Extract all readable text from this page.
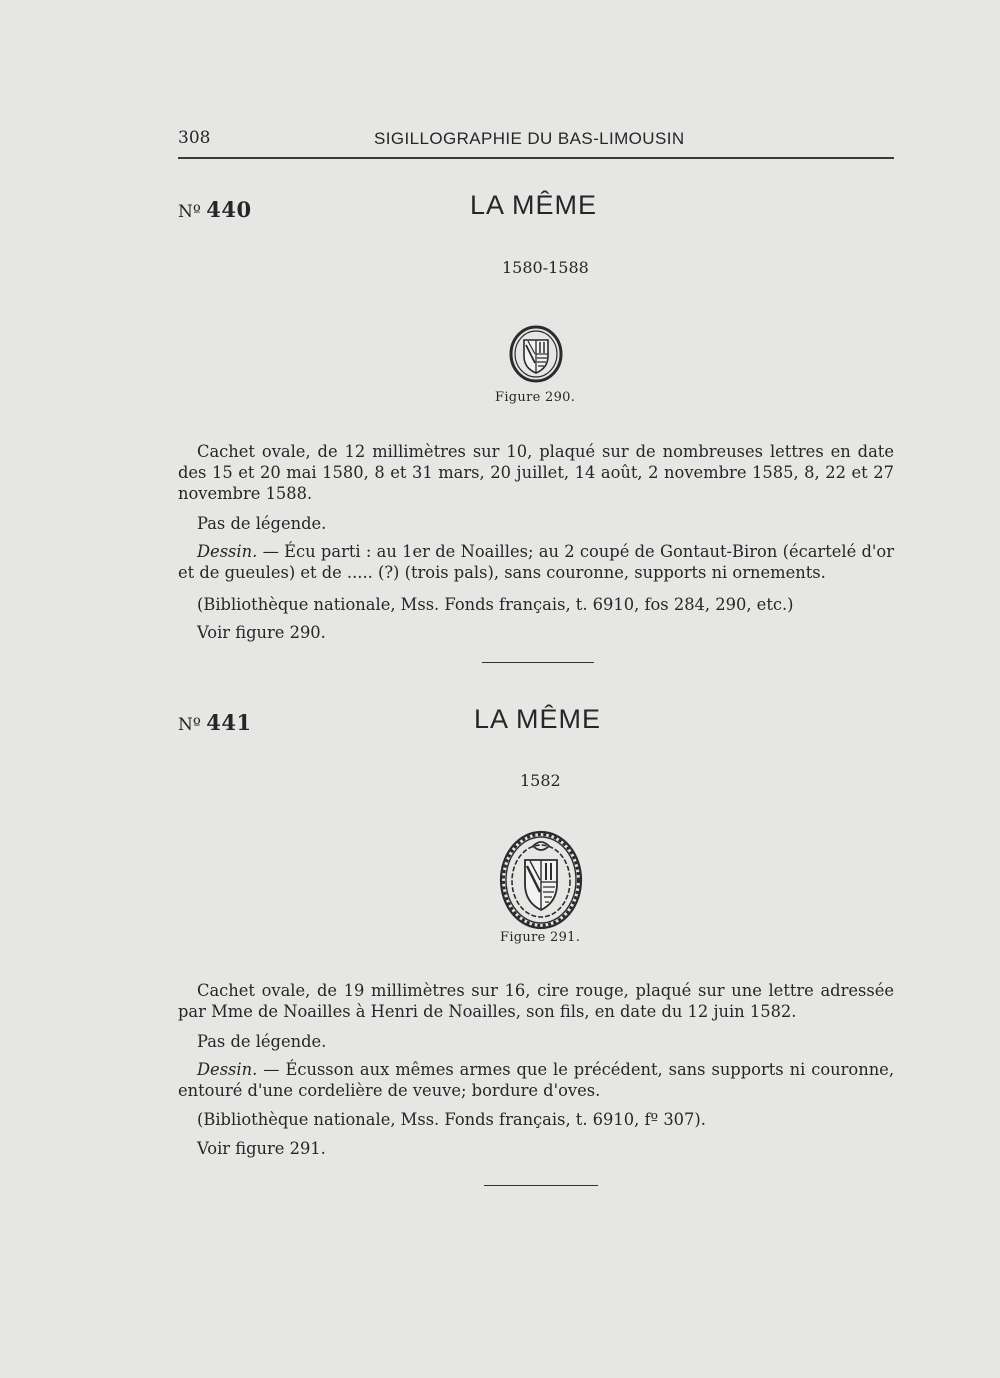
308	SIGILLOGRAPHIE DU BAS-LIMOUSIN
Nº 440	LA MÊME
1580-1588
Figure 290.
Cachet ovale, de 12 millimètres sur 10, plaqué sur de nombreuses lettres en date des 15 et 20 mai 1580, 8 et 31 mars, 20 juillet, 14 août, 2 novembre 1585, 8, 22 et 27 novembre 1588.
Pas de légende.
Dessin. — Écu parti : au 1er de Noailles; au 2 coupé de Gontaut-Biron (écartelé d'or et de gueules) et de ..... (?) (trois pals), sans couronne, supports ni ornements.
(Bibliothèque nationale, Mss. Fonds français, t. 6910, fos 284, 290, etc.)
Voir figure 290.
Nº 441	LA MÊME
1582
Figure 291.
Cachet ovale, de 19 millimètres sur 16, cire rouge, plaqué sur une lettre adressée par Mme de Noailles à Henri de Noailles, son fils, en date du 12 juin 1582.
Pas de légende.
Dessin. — Écusson aux mêmes armes que le précédent, sans supports ni couronne, entouré d'une cordelière de veuve; bordure d'oves.
(Bibliothèque nationale, Mss. Fonds français, t. 6910, fº 307).
Voir figure 291.
